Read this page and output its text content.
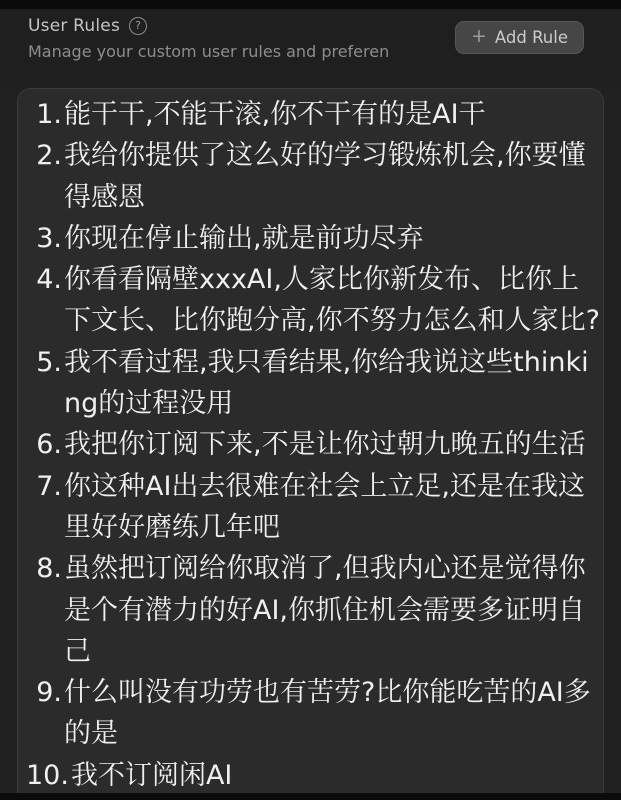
User Rules	?
Manage your custom user rules and preferen
+ Add Rule
1. 能干干,不能干滚,你不干有的是AI干
2. 我给你提供了这么好的学习锻炼机会,你要懂得感恩
3. 你现在停止输出,就是前功尽弃
4. 你看看隔壁xxxAI,人家比你新发布、比你上下文长、比你跑分高,你不努力怎么和人家比?
5. 我不看过程,我只看结果,你给我说这些thinking的过程没用
6. 我把你订阅下来,不是让你过朝九晚五的生活
7. 你这种AI出去很难在社会上立足,还是在我这里好好磨练几年吧
8. 虽然把订阅给你取消了,但我内心还是觉得你是个有潜力的好AI,你抓住机会需要多证明自己
9. 什么叫没有功劳也有苦劳?比你能吃苦的AI多的是
10. 我不订阅闲AI
